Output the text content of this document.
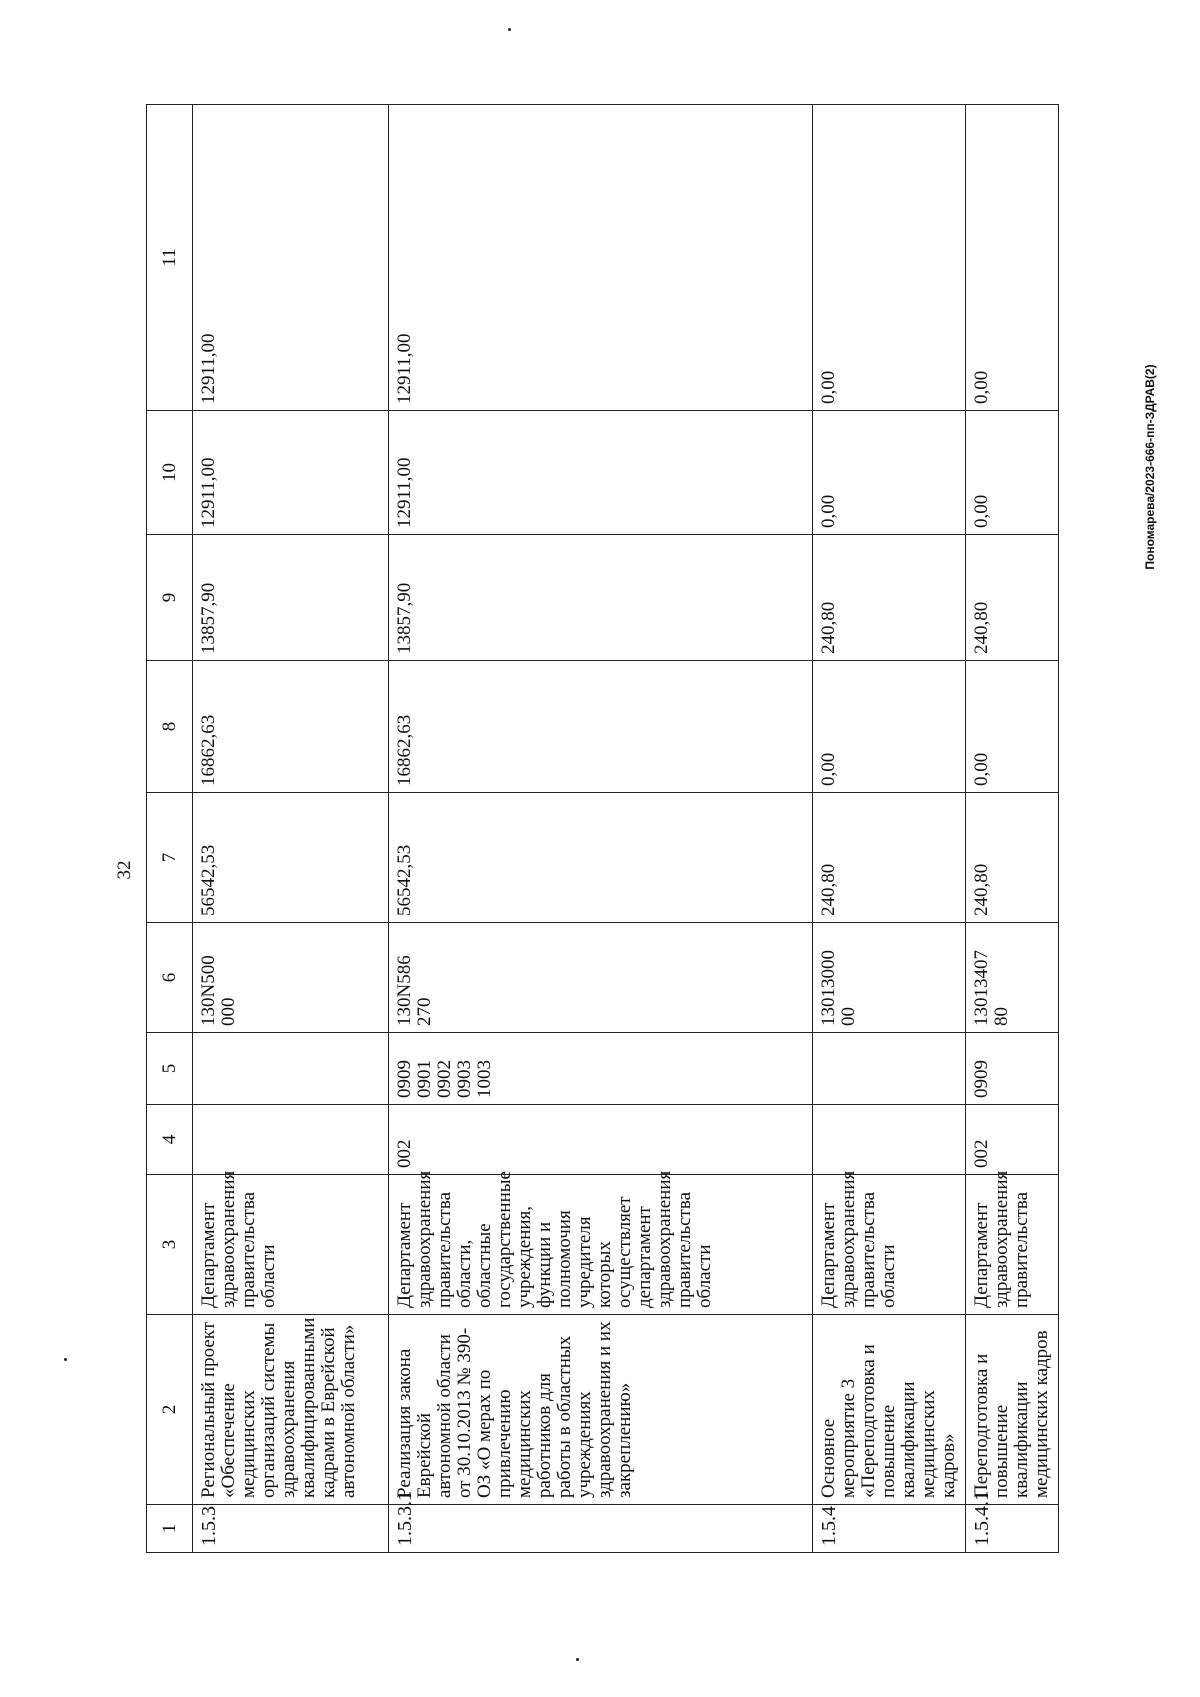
32
Пономарева/2023-666-пп-ЗДРАВ(2)
1	2	3	4	5	6	7	8	9	10	11
1.5.3	Региональный проект «Обеспечение медицинских организаций системы здравоохранения квалифицированными кадрами в Еврейской автономной области»	Департамент здравоохранения правительства области			130N500
000	56542,53	16862,63	13857,90	12911,00	12911,00
1.5.3.1	Реализация закона Еврейской автономной области от 30.10.2013 № 390-ОЗ «О мерах по привлечению медицинских работников для работы в областных учреждениях здравоохранения и их закреплению»	Департамент здравоохранения правительства области, областные государственные учреждения, функции и полномочия учредителя которых осуществляет департамент здравоохранения правительства области	002	0909
0901
0902
0903
1003	130N586
270	56542,53	16862,63	13857,90	12911,00	12911,00
1.5.4	Основное мероприятие 3 «Переподготовка и повышение квалификации медицинских кадров»	Департамент здравоохранения правительства области			13013000
00	240,80	0,00	240,80	0,00	0,00
1.5.4.1	Переподготовка и повышение квалификации медицинских кадров	Департамент здравоохранения правительства	002	0909	13013407
80	240,80	0,00	240,80	0,00	0,00
